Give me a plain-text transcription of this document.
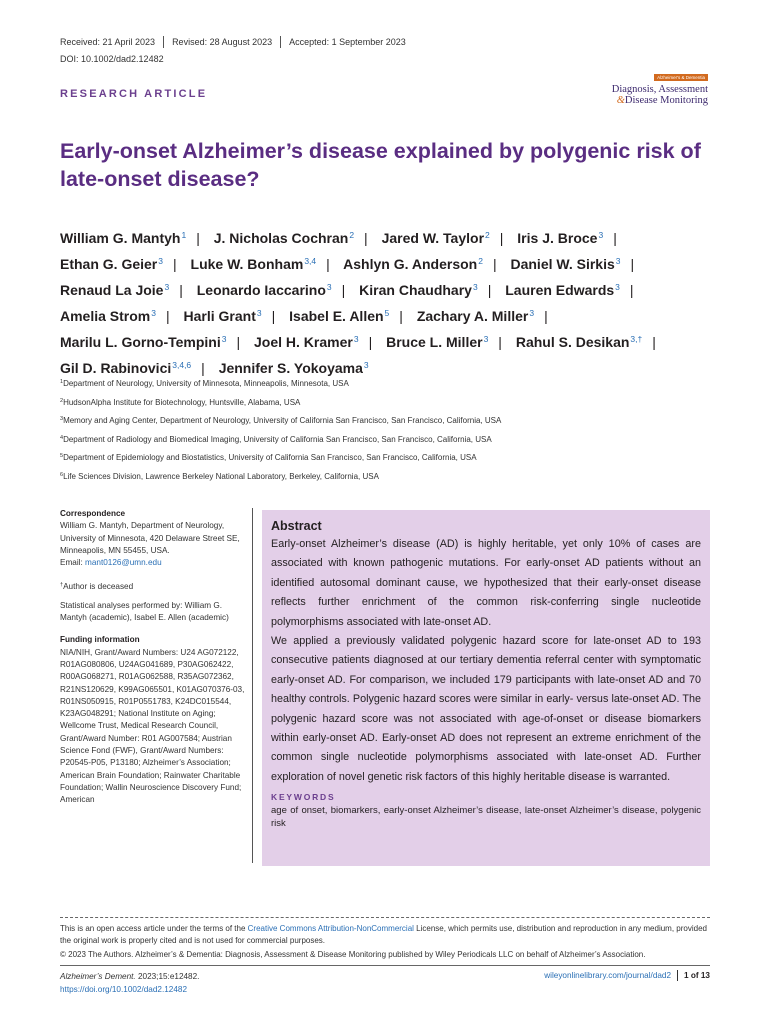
Received: 21 April 2023 Revised: 28 August 2023 Accepted: 1 September 2023
DOI: 10.1002/dad2.12482
Alzheimer's & Dementia
Diagnosis, Assessment
&Disease Monitoring
RESEARCH ARTICLE
Early-onset Alzheimer’s disease explained by polygenic risk of late-onset disease?
William G. Mantyh$^1$ | J. Nicholas Cochran$^2$ | Jared W. Taylor$^2$ | Iris J. Broce$^3$ | Ethan G. Geier$^3$ | Luke W. Bonham$^{3,4}$ | Ashlyn G. Anderson$^2$ | Daniel W. Sirkis$^3$ | Renaud La Joie$^3$ | Leonardo Iaccarino$^3$ | Kiran Chaudhary$^3$ | Lauren Edwards$^3$ | Amelia Strom$^3$ | Harli Grant$^3$ | Isabel E. Allen$^5$ | Zachary A. Miller$^3$ | Marilu L. Gorno-Tempini$^3$ | Joel H. Kramer$^3$ | Bruce L. Miller$^3$ | Rahul S. Desikan$^{3,\dagger}$ | Gil D. Rabinovici$^{3,4,6}$ | Jennifer S. Yokoyama$^3$
$^1$Department of Neurology, University of Minnesota, Minneapolis, Minnesota, USA
$^2$HudsonAlpha Institute for Biotechnology, Huntsville, Alabama, USA
$^3$Memory and Aging Center, Department of Neurology, University of California San Francisco, San Francisco, California, USA
$^4$Department of Radiology and Biomedical Imaging, University of California San Francisco, San Francisco, California, USA
$^5$Department of Epidemiology and Biostatistics, University of California San Francisco, San Francisco, California, USA
$^6$Life Sciences Division, Lawrence Berkeley National Laboratory, Berkeley, California, USA
Correspondence
William G. Mantyh, Department of Neurology, University of Minnesota, 420 Delaware Street SE, Minneapolis, MN 55455, USA.
Email: mant0126@umn.edu
†Author is deceased
Statistical analyses performed by: William G. Mantyh (academic), Isabel E. Allen (academic)
Funding information
NIA/NIH, Grant/Award Numbers: U24 AG072122, R01AG080806, U24AG041689, P30AG062422, R00AG068271, R01AG062588, R35AG072362, R21NS120629, K99AG065501, K01AG070376-03, R01NS050915, R01P0551783, K24DC015544, K23AG048291; National Institute on Aging; Wellcome Trust, Medical Research Council, Grant/Award Number: R01 AG007584; Austrian Science Fond (FWF), Grant/Award Numbers: P20545-P05, P13180; Alzheimer’s Association; American Brain Foundation; Rainwater Charitable Foundation; Wallin Neuroscience Discovery Fund; American
Abstract

Early-onset Alzheimer’s disease (AD) is highly heritable, yet only 10% of cases are associated with known pathogenic mutations. For early-onset AD patients without an identified autosomal dominant cause, we hypothesized that their early-onset disease reflects further enrichment of the common risk-conferring single nucleotide polymorphisms associated with late-onset AD.

We applied a previously validated polygenic hazard score for late-onset AD to 193 consecutive patients diagnosed at our tertiary dementia referral center with symptomatic early-onset AD. For comparison, we included 179 participants with late-onset AD and 70 healthy controls. Polygenic hazard scores were similar in early- versus late-onset AD. The polygenic hazard score was not associated with age-of-onset or disease biomarkers within early-onset AD. Early-onset AD does not represent an extreme enrichment of the common single nucleotide polymorphisms associated with late-onset AD. Further exploration of novel genetic risk factors of this highly heritable disease is warranted.

KEYWORDS
age of onset, biomarkers, early-onset Alzheimer’s disease, late-onset Alzheimer’s disease, polygenic risk
This is an open access article under the terms of the Creative Commons Attribution-NonCommercial License, which permits use, distribution and reproduction in any medium, provided the original work is properly cited and is not used for commercial purposes.
© 2023 The Authors. Alzheimer’s & Dementia: Diagnosis, Assessment & Disease Monitoring published by Wiley Periodicals LLC on behalf of Alzheimer’s Association.
Alzheimer’s Dement. 2023;15:e12482.
https://doi.org/10.1002/dad2.12482
wileyonlinelibrary.com/journal/dad2 1 of 13
